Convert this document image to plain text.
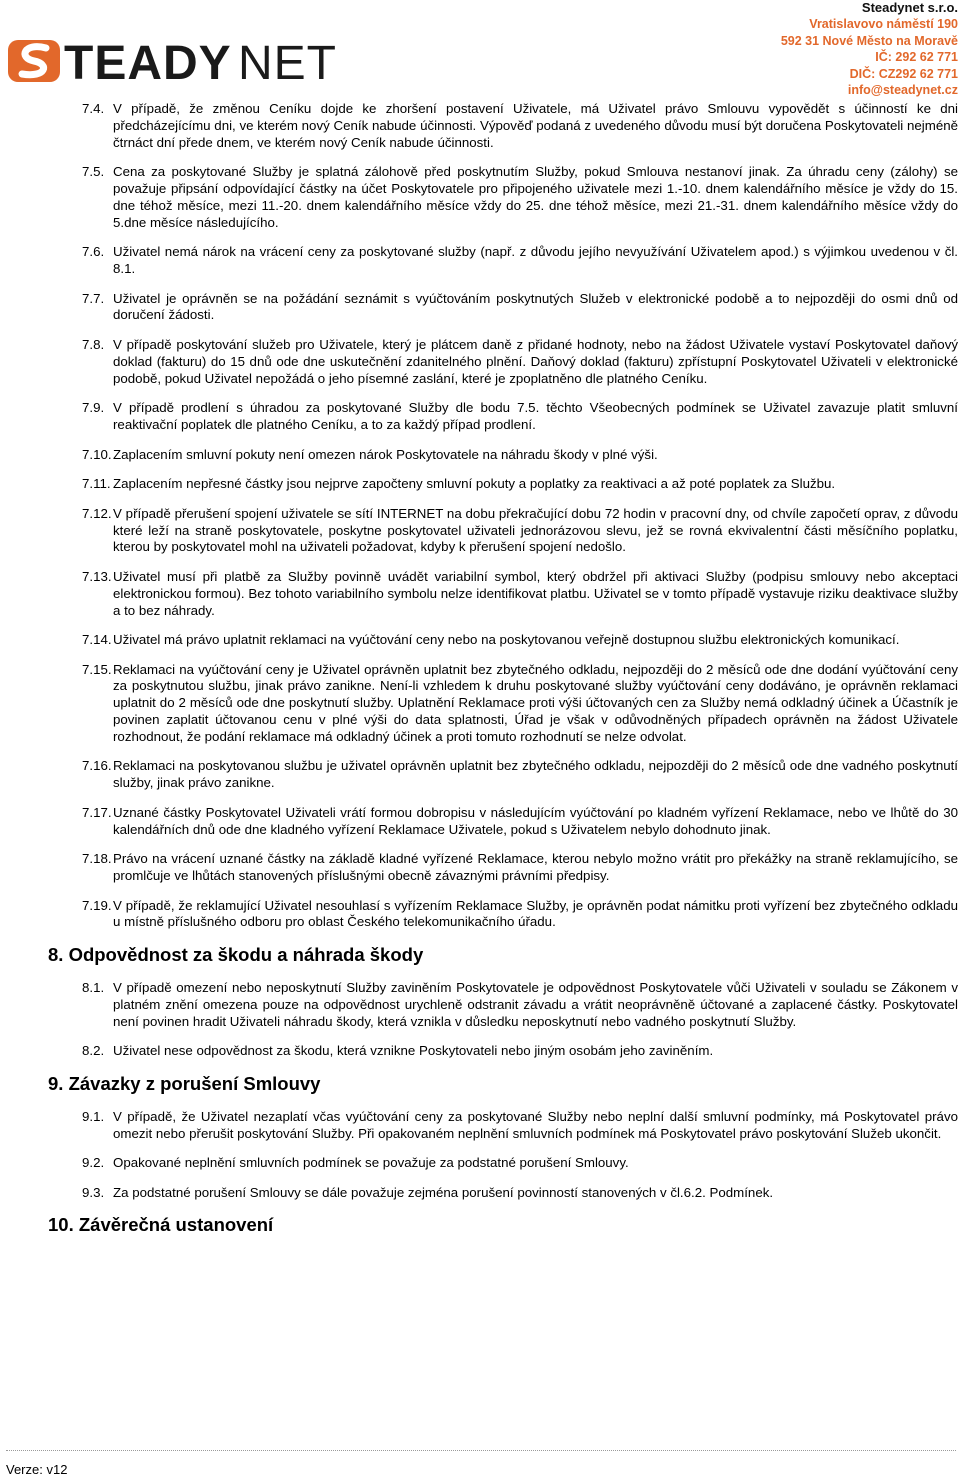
TEADY NET
Steadynet s.r.o.
Vratislavovo náměstí 190
592 31 Nové Město na Moravě
IČ: 292 62 771
DIČ: CZ292 62 771
info@steadynet.cz
7.4. V případě, že změnou Ceníku dojde ke zhoršení postavení Uživatele, má Uživatel právo Smlouvu vypovědět s účinností ke dni předcházejícímu dni, ve kterém nový Ceník nabude účinnosti. Výpověď podaná z uvedeného důvodu musí být doručena Poskytovateli nejméně čtrnáct dní přede dnem, ve kterém nový Ceník nabude účinnosti.
7.5. Cena za poskytované Služby je splatná zálohově před poskytnutím Služby, pokud Smlouva nestanoví jinak. Za úhradu ceny (zálohy) se považuje připsání odpovídající částky na účet Poskytovatele pro připojeného uživatele mezi 1.-10. dnem kalendářního měsíce je vždy do 15. dne téhož měsíce, mezi 11.-20. dnem kalendářního měsíce vždy do 25. dne téhož měsíce, mezi 21.-31. dnem kalendářního měsíce vždy do 5.dne měsíce následujícího.
7.6. Uživatel nemá nárok na vrácení ceny za poskytované služby (např. z důvodu jejího nevyužívání Uživatelem apod.) s výjimkou uvedenou v čl. 8.1.
7.7. Uživatel je oprávněn se na požádání seznámit s vyúčtováním poskytnutých Služeb v elektronické podobě a to nejpozději do osmi dnů od doručení žádosti.
7.8. V případě poskytování služeb pro Uživatele, který je plátcem daně z přidané hodnoty, nebo na žádost Uživatele vystaví Poskytovatel daňový doklad (fakturu) do 15 dnů ode dne uskutečnění zdanitelného plnění. Daňový doklad (fakturu) zpřístupní Poskytovatel Uživateli v elektronické podobě, pokud Uživatel nepožádá o jeho písemné zaslání, které je zpoplatněno dle platného Ceníku.
7.9. V případě prodlení s úhradou za poskytované Služby dle bodu 7.5. těchto Všeobecných podmínek se Uživatel zavazuje platit smluvní reaktivační poplatek dle platného Ceníku, a to za každý případ prodlení.
7.10. Zaplacením smluvní pokuty není omezen nárok Poskytovatele na náhradu škody v plné výši.
7.11. Zaplacením nepřesné částky jsou nejprve započteny smluvní pokuty a poplatky za reaktivaci a až poté poplatek za Službu.
7.12. V případě přerušení spojení uživatele se sítí INTERNET na dobu překračující dobu 72 hodin v pracovní dny, od chvíle započetí oprav, z důvodu které leží na straně poskytovatele, poskytne poskytovatel uživateli jednorázovou slevu, jež se rovná ekvivalentní části měsíčního poplatku, kterou by poskytovatel mohl na uživateli požadovat, kdyby k přerušení spojení nedošlo.
7.13. Uživatel musí při platbě za Služby povinně uvádět variabilní symbol, který obdržel při aktivaci Služby (podpisu smlouvy nebo akceptaci elektronickou formou). Bez tohoto variabilního symbolu nelze identifikovat platbu. Uživatel se v tomto případě vystavuje riziku deaktivace služby a to bez náhrady.
7.14. Uživatel má právo uplatnit reklamaci na vyúčtování ceny nebo na poskytovanou veřejně dostupnou službu elektronických komunikací.
7.15. Reklamaci na vyúčtování ceny je Uživatel oprávněn uplatnit bez zbytečného odkladu, nejpozději do 2 měsíců ode dne dodání vyúčtování ceny za poskytnutou službu, jinak právo zanikne. Není-li vzhledem k druhu poskytované služby vyúčtování ceny dodáváno, je oprávněn reklamaci uplatnit do 2 měsíců ode dne poskytnutí služby. Uplatnění Reklamace proti výši účtovaných cen za Služby nemá odkladný účinek a Účastník je povinen zaplatit účtovanou cenu v plné výši do data splatnosti, Úřad je však v odůvodněných případech oprávněn na žádost Uživatele rozhodnout, že podání reklamace má odkladný účinek a proti tomuto rozhodnutí se nelze odvolat.
7.16. Reklamaci na poskytovanou službu je uživatel oprávněn uplatnit bez zbytečného odkladu, nejpozději do 2 měsíců ode dne vadného poskytnutí služby, jinak právo zanikne.
7.17. Uznané částky Poskytovatel Uživateli vrátí formou dobropisu v následujícím vyúčtování po kladném vyřízení Reklamace, nebo ve lhůtě do 30 kalendářních dnů ode dne kladného vyřízení Reklamace Uživatele, pokud s Uživatelem nebylo dohodnuto jinak.
7.18. Právo na vrácení uznané částky na základě kladné vyřízené Reklamace, kterou nebylo možno vrátit pro překážky na straně reklamujícího, se promlčuje ve lhůtách stanovených příslušnými obecně závaznými právními předpisy.
7.19. V případě, že reklamující Uživatel nesouhlasí s vyřízením Reklamace Služby, je oprávněn podat námitku proti vyřízení bez zbytečného odkladu u místně příslušného odboru pro oblast Českého telekomunikačního úřadu.
8. Odpovědnost za škodu a náhrada škody
8.1. V případě omezení nebo neposkytnutí Služby zaviněním Poskytovatele je odpovědnost Poskytovatele vůči Uživateli v souladu se Zákonem v platném znění omezena pouze na odpovědnost urychleně odstranit závadu a vrátit neoprávněně účtované a zaplacené částky. Poskytovatel není povinen hradit Uživateli náhradu škody, která vznikla v důsledku neposkytnutí nebo vadného poskytnutí Služby.
8.2. Uživatel nese odpovědnost za škodu, která vznikne Poskytovateli nebo jiným osobám jeho zaviněním.
9. Závazky z porušení Smlouvy
9.1. V případě, že Uživatel nezaplatí včas vyúčtování ceny za poskytované Služby nebo neplní další smluvní podmínky, má Poskytovatel právo omezit nebo přerušit poskytování Služby. Při opakovaném neplnění smluvních podmínek má Poskytovatel právo poskytování Služeb ukončit.
9.2. Opakované neplnění smluvních podmínek se považuje za podstatné porušení Smlouvy.
9.3. Za podstatné porušení Smlouvy se dále považuje zejména porušení povinností stanovených v čl.6.2. Podmínek.
10. Závěrečná ustanovení
Verze: v12
